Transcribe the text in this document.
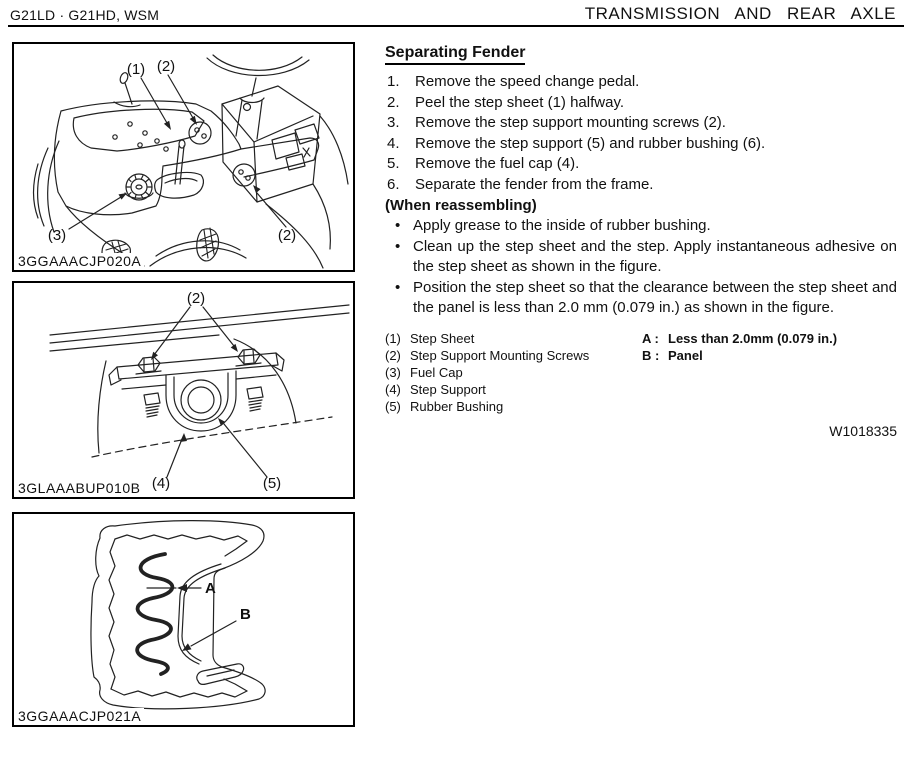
G21LD · G21HD, WSM	TRANSMISSION AND REAR AXLE
(1) (2)
(3)	(2)
3GGAAACJP020A
(2)
(4)	(5)
3GLAAABUP010B
A
B
3GGAAACJP021A
Separating Fender
1.	Remove the speed change pedal.
2.	Peel the step sheet (1) halfway.
3.	Remove the step support mounting screws (2).
4.	Remove the step support (5) and rubber bushing (6).
5.	Remove the fuel cap (4).
6.	Separate the fender from the frame.
(When reassembling)
• Apply grease to the inside of rubber bushing.
• Clean up the step sheet and the step. Apply instantaneous adhesive on the step sheet as shown in the figure.
• Position the step sheet so that the clearance between the step sheet and the panel is less than 2.0 mm (0.079 in.) as shown in the figure.
(1) Step Sheet
(2) Step Support Mounting Screws
(3) Fuel Cap
(4) Step Support
(5) Rubber Bushing
A : Less than 2.0mm (0.079 in.)
B : Panel
W1018335
